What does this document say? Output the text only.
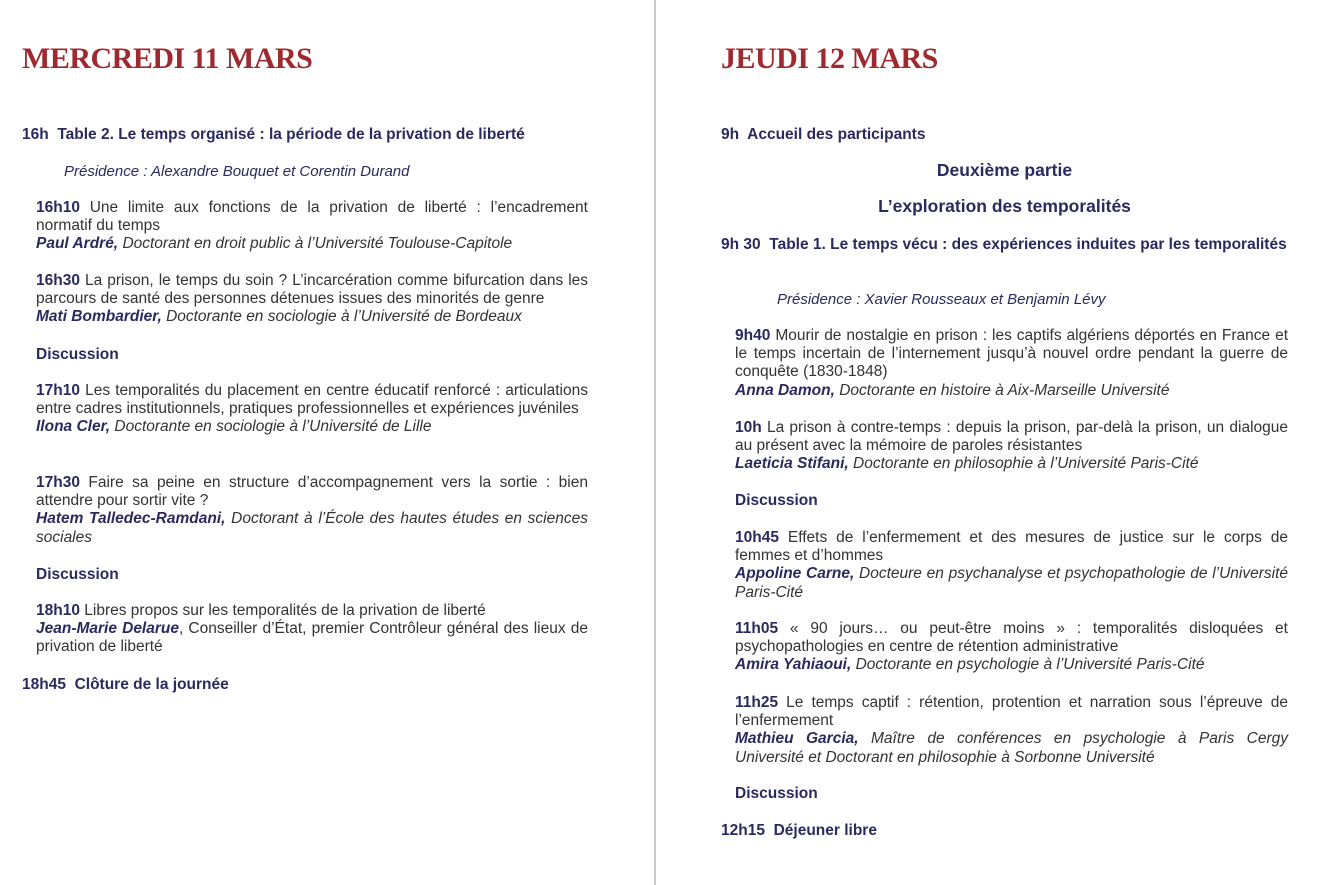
MERCREDI 11 MARS
16h Table 2. Le temps organisé : la période de la privation de liberté
Présidence : Alexandre Bouquet et Corentin Durand
16h10 Une limite aux fonctions de la privation de liberté : l’encadrement normatif du temps
Paul Ardré, Doctorant en droit public à l’Université Toulouse-Capitole
16h30 La prison, le temps du soin ? L’incarcération comme bifurcation dans les parcours de santé des personnes détenues issues des minorités de genre
Mati Bombardier, Doctorante en sociologie à l’Université de Bordeaux
Discussion
17h10 Les temporalités du placement en centre éducatif renforcé : articulations entre cadres institutionnels, pratiques professionnelles et expériences juvéniles
Ilona Cler, Doctorante en sociologie à l’Université de Lille
17h30 Faire sa peine en structure d’accompagnement vers la sortie : bien attendre pour sortir vite ?
Hatem Talledec-Ramdani, Doctorant à l’École des hautes études en sciences sociales
Discussion
18h10 Libres propos sur les temporalités de la privation de liberté
Jean-Marie Delarue, Conseiller d’État, premier Contrôleur général des lieux de privation de liberté
18h45 Clôture de la journée
JEUDI 12 MARS
9h Accueil des participants
Deuxième partie
L’exploration des temporalités
9h 30 Table 1. Le temps vécu : des expériences induites par les temporalités
Présidence : Xavier Rousseaux et Benjamin Lévy
9h40 Mourir de nostalgie en prison : les captifs algériens déportés en France et le temps incertain de l’internement jusqu’à nouvel ordre pendant la guerre de conquête (1830-1848)
Anna Damon, Doctorante en histoire à Aix-Marseille Université
10h La prison à contre-temps : depuis la prison, par-delà la prison, un dialogue au présent avec la mémoire de paroles résistantes
Laeticia Stifani, Doctorante en philosophie à l’Université Paris-Cité
Discussion
10h45 Effets de l’enfermement et des mesures de justice sur le corps de femmes et d’hommes
Appoline Carne, Docteure en psychanalyse et psychopathologie de l’Université Paris-Cité
11h05 « 90 jours… ou peut-être moins » : temporalités disloquées et psychopathologies en centre de rétention administrative
Amira Yahiaoui, Doctorante en psychologie à l’Université Paris-Cité
11h25 Le temps captif : rétention, protention et narration sous l’épreuve de l’enfermement
Mathieu Garcia, Maître de conférences en psychologie à Paris Cergy Université et Doctorant en philosophie à Sorbonne Université
Discussion
12h15 Déjeuner libre
